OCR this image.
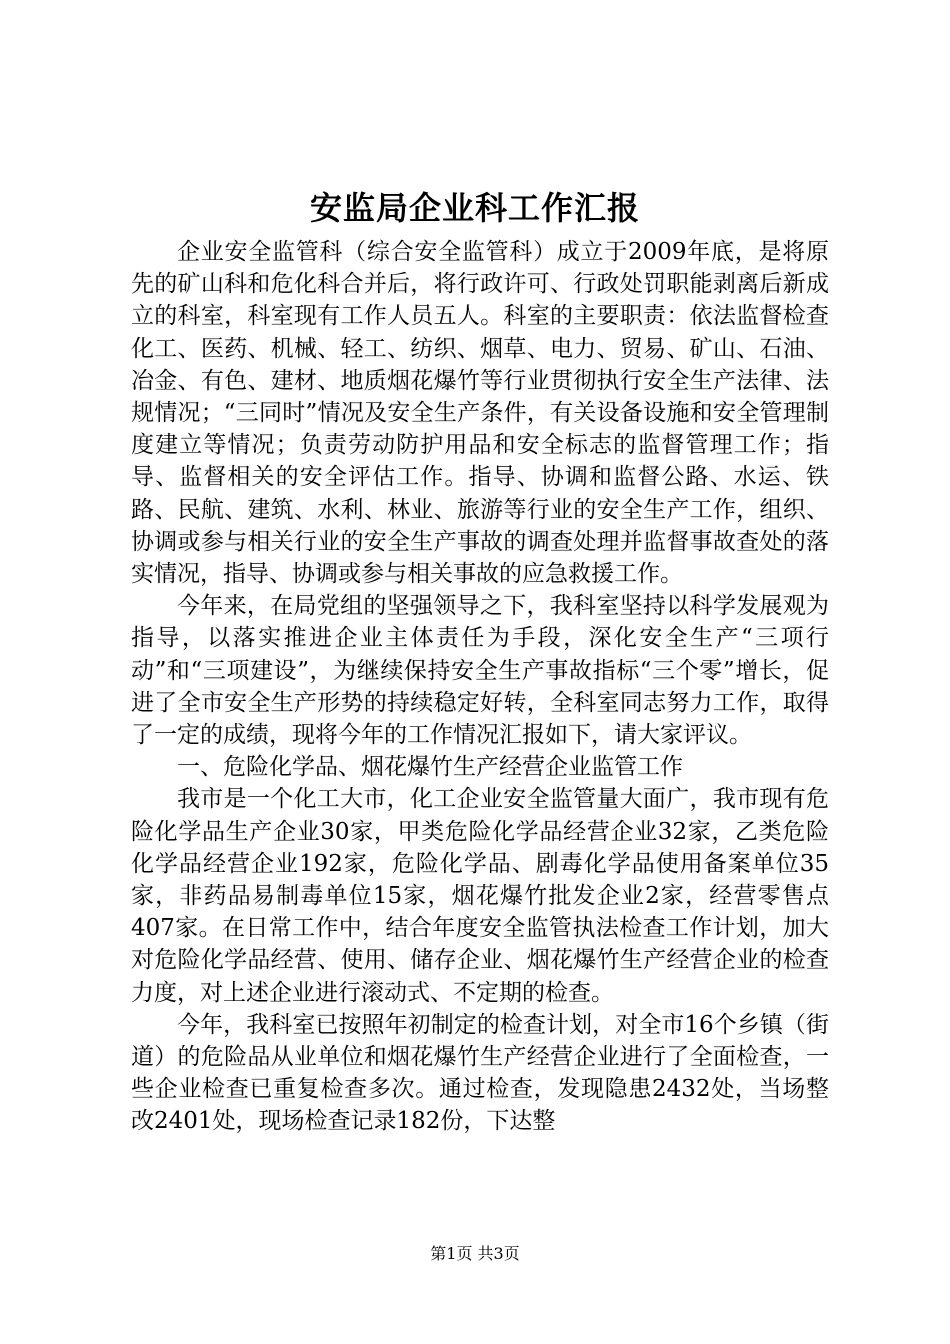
安监局企业科工作汇报

企业安全监管科（综合安全监管科）成立于2009年底，是将原先的矿山科和危化科合并后，将行政许可、行政处罚职能剥离后新成立的科室，科室现有工作人员五人。科室的主要职责：依法监督检查化工、医药、机械、轻工、纺织、烟草、电力、贸易、矿山、石油、冶金、有色、建材、地质烟花爆竹等行业贯彻执行安全生产法律、法规情况；“三同时”情况及安全生产条件，有关设备设施和安全管理制度建立等情况；负责劳动防护用品和安全标志的监督管理工作；指导、监督相关的安全评估工作。指导、协调和监督公路、水运、铁路、民航、建筑、水利、林业、旅游等行业的安全生产工作，组织、协调或参与相关行业的安全生产事故的调查处理并监督事故查处的落实情况，指导、协调或参与相关事故的应急救援工作。

今年来，在局党组的坚强领导之下，我科室坚持以科学发展观为指导，以落实推进企业主体责任为手段，深化安全生产“三项行动”和“三项建设”，为继续保持安全生产事故指标“三个零”增长，促进了全市安全生产形势的持续稳定好转，全科室同志努力工作，取得了一定的成绩，现将今年的工作情况汇报如下，请大家评议。

一、危险化学品、烟花爆竹生产经营企业监管工作

我市是一个化工大市，化工企业安全监管量大面广，我市现有危险化学品生产企业30家，甲类危险化学品经营企业32家，乙类危险化学品经营企业192家，危险化学品、剧毒化学品使用备案单位35家，非药品易制毒单位15家，烟花爆竹批发企业2家，经营零售点407家。在日常工作中，结合年度安全监管执法检查工作计划，加大对危险化学品经营、使用、储存企业、烟花爆竹生产经营企业的检查力度，对上述企业进行滚动式、不定期的检查。

今年，我科室已按照年初制定的检查计划，对全市16个乡镇（街道）的危险品从业单位和烟花爆竹生产经营企业进行了全面检查，一些企业检查已重复检查多次。通过检查，发现隐患2432处，当场整改2401处，现场检查记录182份，下达整

第1页 共3页
